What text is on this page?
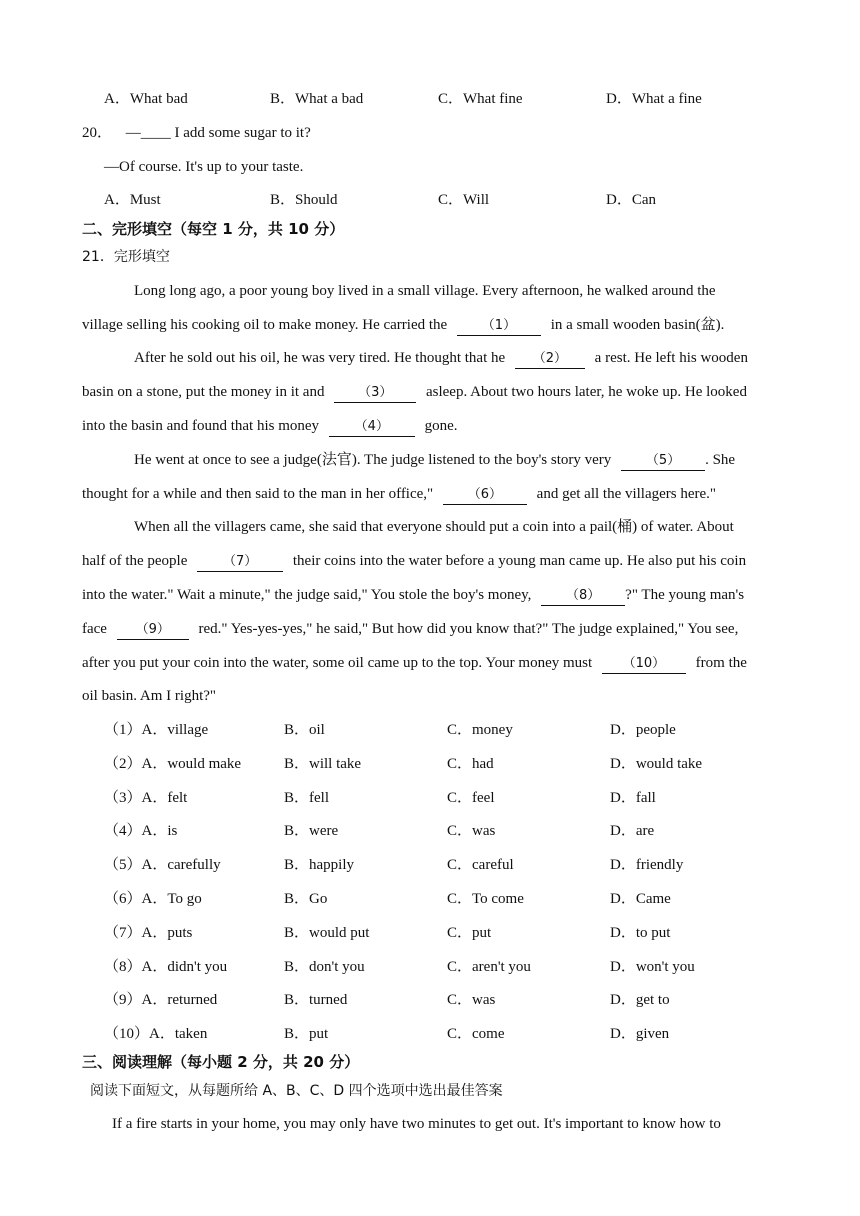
A．What bad	B．What a bad	C．What fine	D．What a fine
20． —____ I add some sugar to it?
—Of course. It's up to your taste.
A．Must	B．Should	C．Will	D．Can
二、完形填空（每空 1 分，共 10 分）
21．完形填空
Long long ago, a poor young boy lived in a small village. Every afternoon, he walked around the
village selling his cooking oil to make money. He carried the	（1） in a small wooden basin(盆).
After he sold out his oil, he was very tired. He thought that he （2） a rest. He left his wooden
basin on a stone, put the money in it and	（3） asleep. About two hours later, he woke up. He looked
into the basin and found that his money	（4） gone.
He went at once to see a judge(法官). The judge listened to the boy's story very	（5） . She
thought for a while and then said to the man in her office,"	（6） and get all the villagers here."
When all the villagers came, she said that everyone should put a coin into a pail(桶) of water. About
half of the people	（7） their coins into the water before a young man came up. He also put his coin
into the water." Wait a minute," the judge said," You stole the boy's money,	（8） ?" The young man's
face （9） red." Yes-yes-yes," he said," But how did you know that?" The judge explained," You see,
after you put your coin into the water, some oil came up to the top. Your money must （10） from the
oil basin. Am I right?"
（1）A．village	B．oil	C．money	D．people
（2）A．would make	B．will take	C．had	D．would take
（3）A．felt	B．fell	C．feel	D．fall
（4）A．is	B．were	C．was	D．are
（5）A．carefully	B．happily	C．careful	D．friendly
（6）A．To go	B．Go	C．To come	D．Came
（7）A．puts	B．would put	C．put	D．to put
（8）A．didn't you	B．don't you	C．aren't you	D．won't you
（9）A．returned	B．turned	C．was	D．get to
（10）A．taken	B．put	C．come	D．given
三、阅读理解（每小题 2 分，共 20 分）
阅读下面短文，从每题所给 A、B、C、D 四个选项中选出最佳答案
If a fire starts in your home, you may only have two minutes to get out. It's important to know how to
